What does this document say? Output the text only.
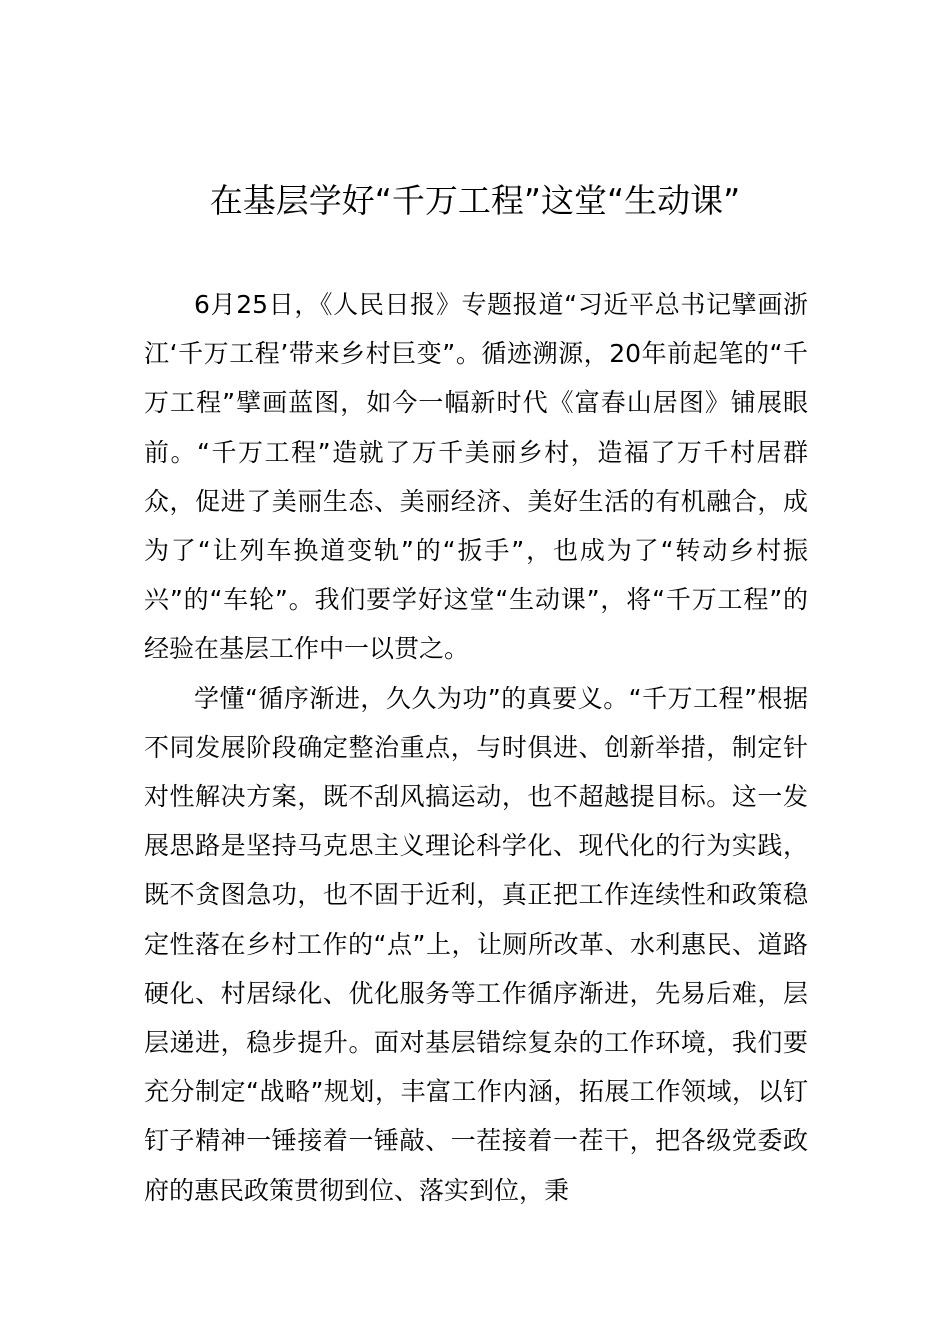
在基层学好“千万工程”这堂“生动课”

6月25日，《人民日报》专题报道“习近平总书记擘画浙江‘千万工程’带来乡村巨变”。循迹溯源，20年前起笔的“千万工程”擘画蓝图，如今一幅新时代《富春山居图》铺展眼前。“千万工程”造就了万千美丽乡村，造福了万千村居群众，促进了美丽生态、美丽经济、美好生活的有机融合，成为了“让列车换道变轨”的“扳手”，也成为了“转动乡村振兴”的“车轮”。我们要学好这堂“生动课”，将“千万工程”的经验在基层工作中一以贯之。

学懂“循序渐进，久久为功”的真要义。“千万工程”根据不同发展阶段确定整治重点，与时俱进、创新举措，制定针对性解决方案，既不刮风搞运动，也不超越提目标。这一发展思路是坚持马克思主义理论科学化、现代化的行为实践，既不贪图急功，也不固于近利，真正把工作连续性和政策稳定性落在乡村工作的“点”上，让厕所改革、水利惠民、道路硬化、村居绿化、优化服务等工作循序渐进，先易后难，层层递进，稳步提升。面对基层错综复杂的工作环境，我们要充分制定“战略”规划，丰富工作内涵，拓展工作领域，以钉钉子精神一锤接着一锤敲、一茬接着一茬干，把各级党委政府的惠民政策贯彻到位、落实到位，秉
